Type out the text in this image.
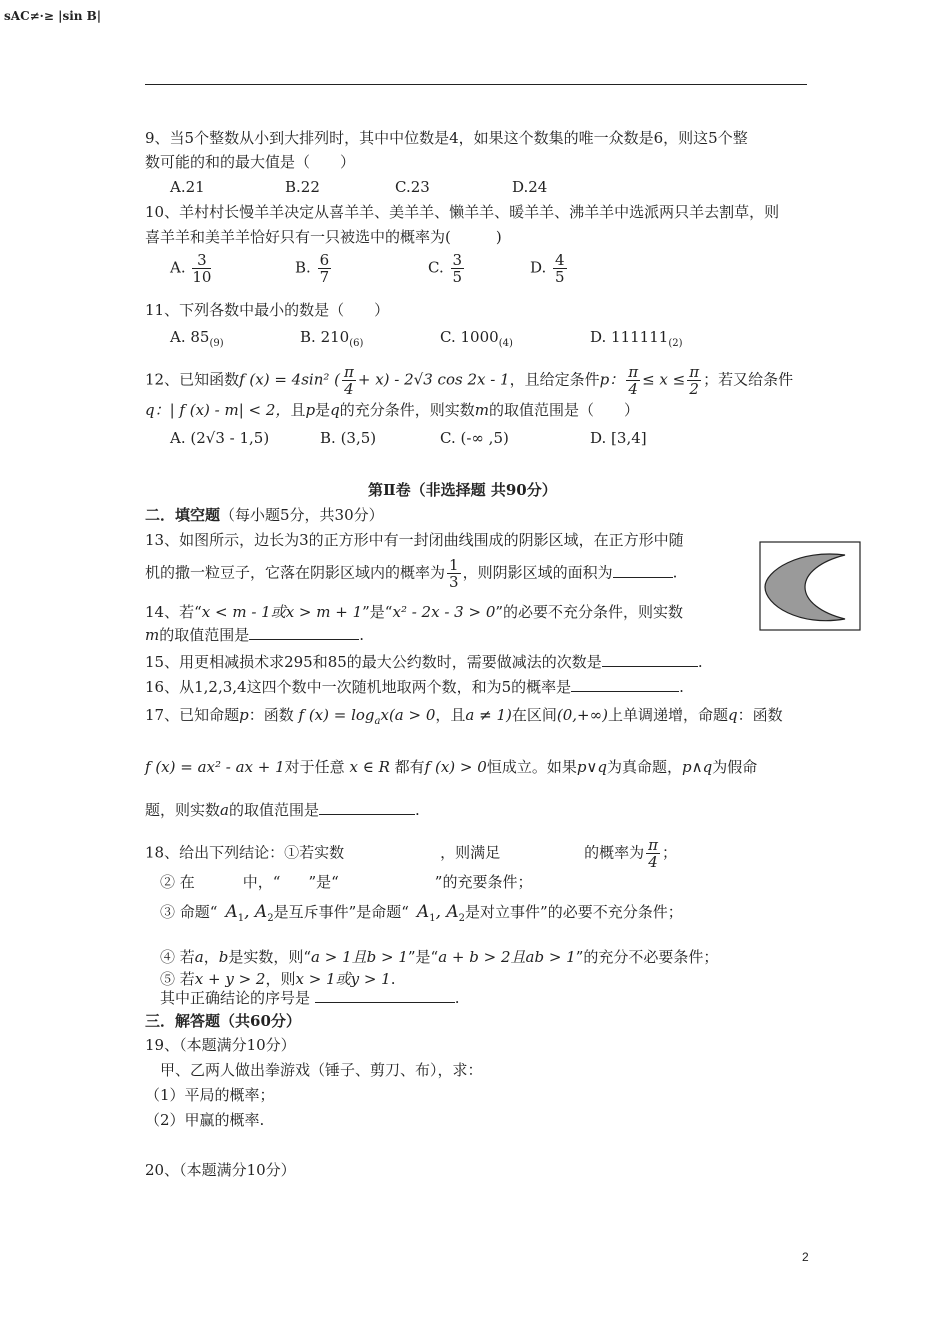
sAC≠·≥ |sin B|
9、当5个整数从小到大排列时，其中中位数是4，如果这个数集的唯一众数是6，则这5个整
数可能的和的最大值是（　　）
A.21	B.22	C.23	D.24
10、羊村村长慢羊羊决定从喜羊羊、美羊羊、懒羊羊、暖羊羊、沸羊羊中选派两只羊去割草，则
喜羊羊和美羊羊恰好只有一只被选中的概率为(　　　)
A. $\frac{3}{10}$	B. $\frac{6}{7}$	C. $\frac{3}{5}$	D. $\frac{4}{5}$
11、下列各数中最小的数是（　　）
A. $85_{(9)}$	B. $210_{(6)}$	C. $1000_{(4)}$	D. $111111_{(2)}$
12、已知函数f (x) = 4sin² ( $\frac{\pi}{4} + x) - 2√3$ cos 2x - 1，且给定条件p： $\frac{\pi}{4} \le x \le \frac{\pi}{2}$ ；若又给条件
q：| f (x) - m| < 2，且p是q的充分条件，则实数m的取值范围是（　　）
A. (2√3 - 1,5)	B. (3,5)	C. (-∞ ,5)	D. [3,4]
第Ⅱ卷（非选择题 共90分）
二．填空题（每小题5分，共30分）
13、如图所示，边长为3的正方形中有一封闭曲线围成的阴影区域，在正方形中随
机的撒一粒豆子，它落在阴影区域内的概率为 $\frac{1}{3}$ ，则阴影区域的面积为	.
14、若“x < m - 1或x > m + 1”是“x² - 2x - 3 > 0”的必要不充分条件，则实数
m的取值范围是	.
15、用更相减损术求295和85的最大公约数时，需要做减法的次数是	.
16、从1,2,3,4这四个数中一次随机地取两个数，和为5的概率是	.
17、已知命题p：函数 f $(x) = \log_ax(a > 0$，且a ≠ 1)在区间(0,+∞)上单调递增，命题q：函数
f (x) = ax² - ax + 1对于任意 x ∈ R 都有f (x) > 0恒成立。如果p∨q为真命题，p∧q为假命
题，则实数a的取值范围是	.
18、给出下列结论：①若实数	，则满足	的概率为 $\frac{\pi}{4}$ ；
② 在	中，“ ”是“	”的充要条件；
③ 命题“ $A_1$, $A_2$是互斥事件”是命题“ $A_1$, $A_2$是对立事件”的必要不充分条件；
④ 若a，b是实数，则“a > 1且b > 1”是“a + b > 2且ab > 1”的充分不必要条件；
⑤ 若x + y > 2，则x > 1或y > 1.
其中正确结论的序号是	.
三．解答题（共60分）
19、（本题满分10分）
甲、乙两人做出拳游戏（锤子、剪刀、布），求：
（1）平局的概率；
（2）甲赢的概率.
20、（本题满分10分）
2
